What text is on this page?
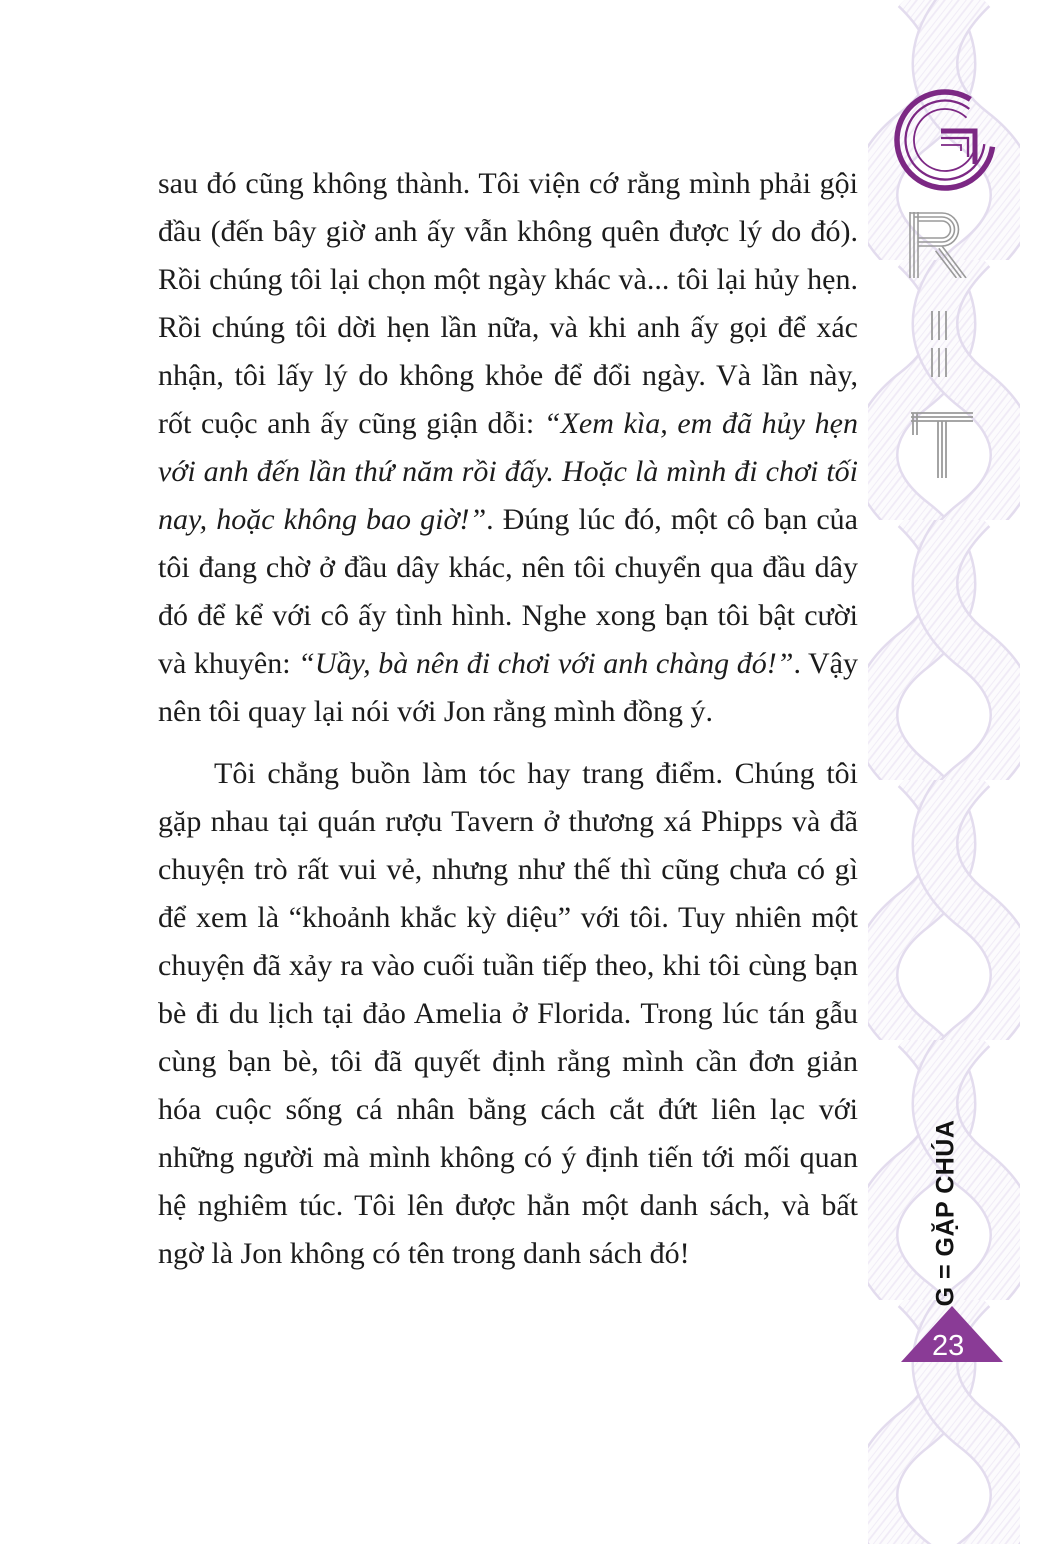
sau đó cũng không thành. Tôi viện cớ rằng mình phải gội đầu (đến bây giờ anh ấy vẫn không quên được lý do đó). Rồi chúng tôi lại chọn một ngày khác và... tôi lại hủy hẹn. Rồi chúng tôi dời hẹn lần nữa, và khi anh ấy gọi để xác nhận, tôi lấy lý do không khỏe để đổi ngày. Và lần này, rốt cuộc anh ấy cũng giận dỗi: “Xem kìa, em đã hủy hẹn với anh đến lần thứ năm rồi đấy. Hoặc là mình đi chơi tối nay, hoặc không bao giờ!”. Đúng lúc đó, một cô bạn của tôi đang chờ ở đầu dây khác, nên tôi chuyển qua đầu dây đó để kể với cô ấy tình hình. Nghe xong bạn tôi bật cười và khuyên: “Uầy, bà nên đi chơi với anh chàng đó!”. Vậy nên tôi quay lại nói với Jon rằng mình đồng ý.

Tôi chẳng buồn làm tóc hay trang điểm. Chúng tôi gặp nhau tại quán rượu Tavern ở thương xá Phipps và đã chuyện trò rất vui vẻ, nhưng như thế thì cũng chưa có gì để xem là “khoảnh khắc kỳ diệu” với tôi. Tuy nhiên một chuyện đã xảy ra vào cuối tuần tiếp theo, khi tôi cùng bạn bè đi du lịch tại đảo Amelia ở Florida. Trong lúc tán gẫu cùng bạn bè, tôi đã quyết định rằng mình cần đơn giản hóa cuộc sống cá nhân bằng cách cắt đứt liên lạc với những người mà mình không có ý định tiến tới mối quan hệ nghiêm túc. Tôi lên được hẳn một danh sách, và bất ngờ là Jon không có tên trong danh sách đó!	G = GẶP CHÚA
23
